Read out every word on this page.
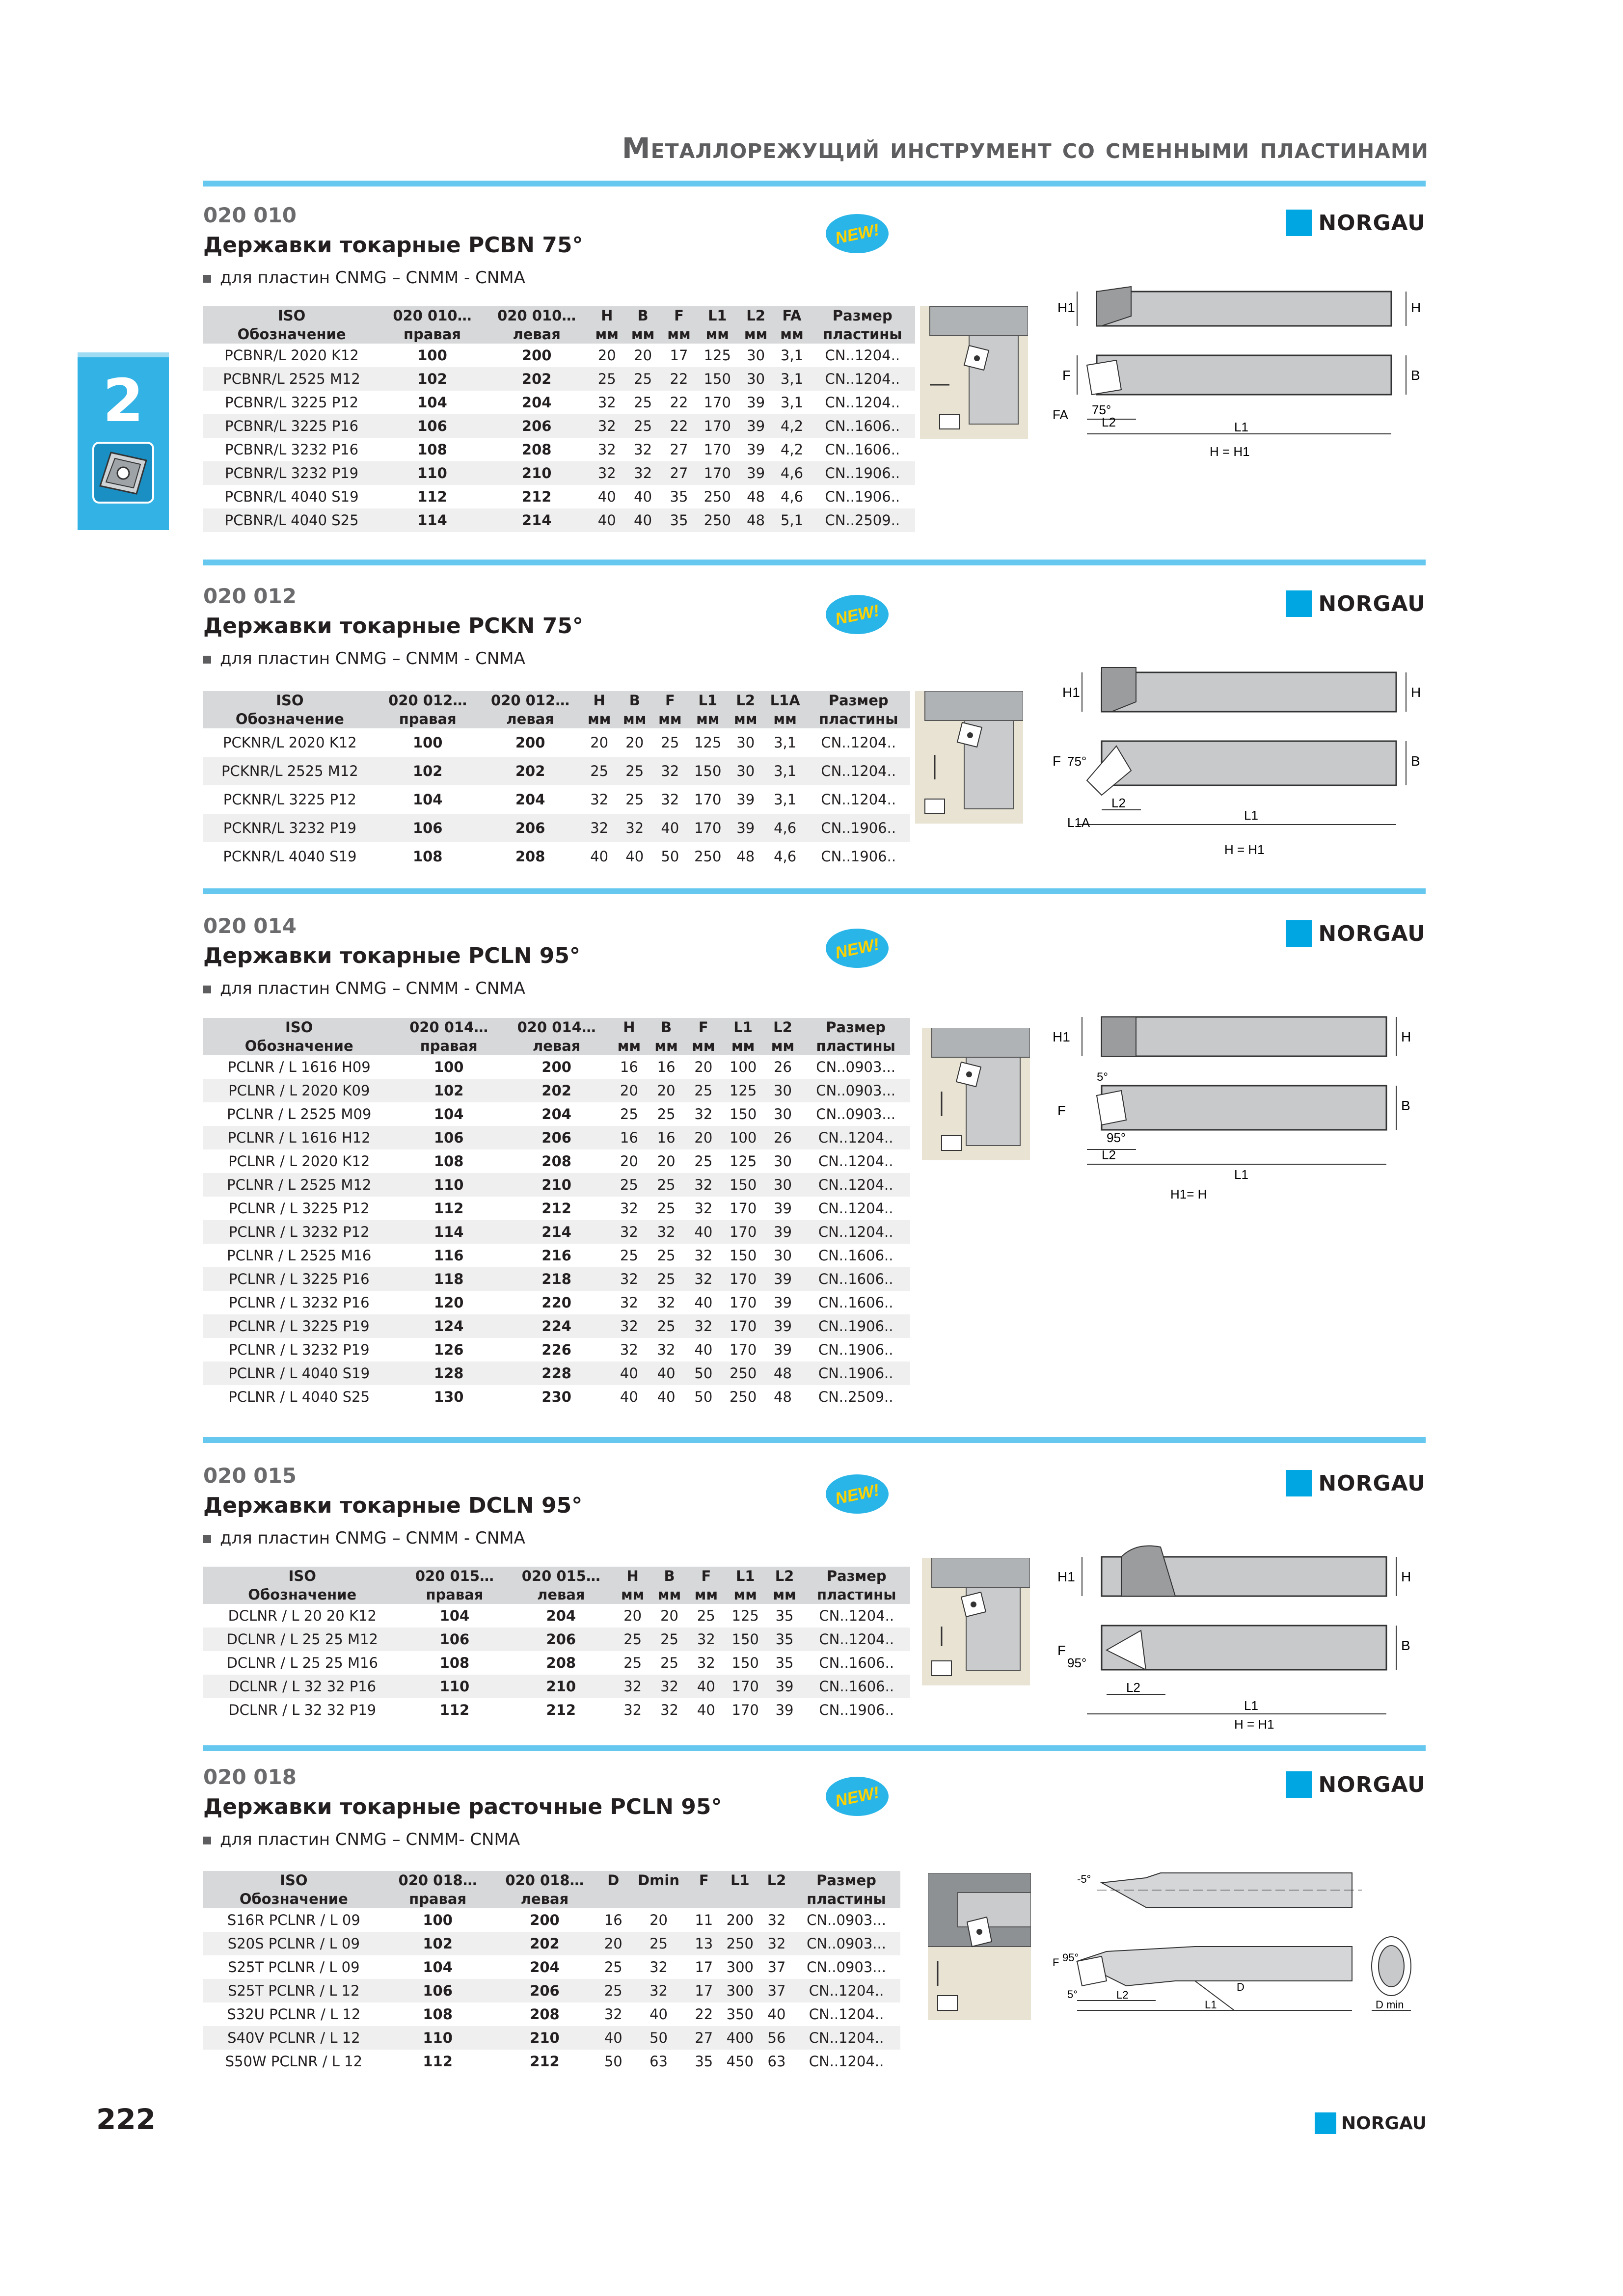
Металлорежущий инструмент со сменными пластинами
2
020 010
Державки токарные PCBN 75°
для пластин CNMG – CNMM - CNMA
NEW!	NORGAU
ISO	020 010…	020 010…	H	B	F	L1	L2	FA	Размер
Обозначение	правая	левая	мм	мм	мм	мм	мм	мм	пластины
PCBNR/L 2020 K12	100	200	20	20	17	125	30	3,1	CN..1204..
PCBNR/L 2525 M12	102	202	25	25	22	150	30	3,1	CN..1204..
PCBNR/L 3225 P12	104	204	32	25	22	170	39	3,1	CN..1204..
PCBNR/L 3225 P16	106	206	32	25	22	170	39	4,2	CN..1606..
PCBNR/L 3232 P16	108	208	32	32	27	170	39	4,2	CN..1606..
PCBNR/L 3232 P19	110	210	32	32	27	170	39	4,6	CN..1906..
PCBNR/L 4040 S19	112	212	40	40	35	250	48	4,6	CN..1906..
PCBNR/L 4040 S25	114	214	40	40	35	250	48	5,1	CN..2509..
H1	H
F	B
75°
FA	L2	L1
H = H1
020 012
Державки токарные PCKN 75°
для пластин CNMG – CNMM - CNMA
NEW!	NORGAU
ISO	020 012…	020 012…	H	B	F	L1	L2	L1A	Размер
Обозначение	правая	левая	мм	мм	мм	мм	мм	мм	пластины
PCKNR/L 2020 K12	100	200	20	20	25	125	30	3,1	CN..1204..
PCKNR/L 2525 M12	102	202	25	25	32	150	30	3,1	CN..1204..
PCKNR/L 3225 P12	104	204	32	25	32	170	39	3,1	CN..1204..
PCKNR/L 3232 P19	106	206	32	32	40	170	39	4,6	CN..1906..
PCKNR/L 4040 S19	108	208	40	40	50	250	48	4,6	CN..1906..
H1	H
F	B
75°
L1A
L2
L1
H = H1
020 014
Державки токарные PCLN 95°
для пластин CNMG – CNMM - CNMA
NEW!
NORGAU
ISO	020 014…	020 014…	H	B	F	L1	L2	Размер
Обозначение	правая	левая	мм	мм	мм	мм	мм	пластины
PCLNR / L 1616 H09	100	200	16	16	20	100	26	CN..0903...
PCLNR / L 2020 K09	102	202	20	20	25	125	30	CN..0903...
PCLNR / L 2525 M09	104	204	25	25	32	150	30	CN..0903...
PCLNR / L 1616 H12	106	206	16	16	20	100	26	CN..1204..
PCLNR / L 2020 K12	108	208	20	20	25	125	30	CN..1204..
PCLNR / L 2525 M12	110	210	25	25	32	150	30	CN..1204..
PCLNR / L 3225 P12	112	212	32	25	32	170	39	CN..1204..
PCLNR / L 3232 P12	114	214	32	32	40	170	39	CN..1204..
PCLNR / L 2525 M16	116	216	25	25	32	150	30	CN..1606..
PCLNR / L 3225 P16	118	218	32	25	32	170	39	CN..1606..
PCLNR / L 3232 P16	120	220	32	32	40	170	39	CN..1606..
PCLNR / L 3225 P19	124	224	32	25	32	170	39	CN..1906..
PCLNR / L 3232 P19	126	226	32	32	40	170	39	CN..1906..
PCLNR / L 4040 S19	128	228	40	40	50	250	48	CN..1906..
PCLNR / L 4040 S25	130	230	40	40	50	250	48	CN..2509..
H1	H
F	B
5°
95°
L2
L1
H1= H
020 015
Державки токарные DCLN 95°
для пластин CNMG – CNMM - CNMA
NEW!	NORGAU
ISO	020 015…	020 015…	H	B	F	L1	L2	Размер
Обозначение	правая	левая	мм	мм	мм	мм	мм	пластины
DCLNR / L 20 20 K12	104	204	20	20	25	125	35	CN..1204..
DCLNR / L 25 25 M12	106	206	25	25	32	150	35	CN..1204..
DCLNR / L 25 25 M16	108	208	25	25	32	150	35	CN..1606..
DCLNR / L 32 32 P16	110	210	32	32	40	170	39	CN..1606..
DCLNR / L 32 32 P19	112	212	32	32	40	170	39	CN..1906..
H1	H
F	B
95°
L2
L1
H = H1
020 018
Державки токарные расточные PCLN 95°
для пластин CNMG – CNMM- CNMA
NEW!	NORGAU
ISO	020 018…	020 018…	D	Dmin	F	L1	L2	Размер
Обозначение	правая	левая						пластины
S16R PCLNR / L 09	100	200	16	20	11	200	32	CN..0903...
S20S PCLNR / L 09	102	202	20	25	13	250	32	CN..0903...
S25T PCLNR / L 09	104	204	25	32	17	300	37	CN..0903...
S25T PCLNR / L 12	106	206	25	32	17	300	37	CN..1204..
S32U PCLNR / L 12	108	208	32	40	22	350	40	CN..1204..
S40V PCLNR / L 12	110	210	40	50	27	400	56	CN..1204..
S50W PCLNR / L 12	112	212	50	63	35	450	63	CN..1204..
-5°
F 95°
5°	L2
L1
D
D min
222	NORGAU
